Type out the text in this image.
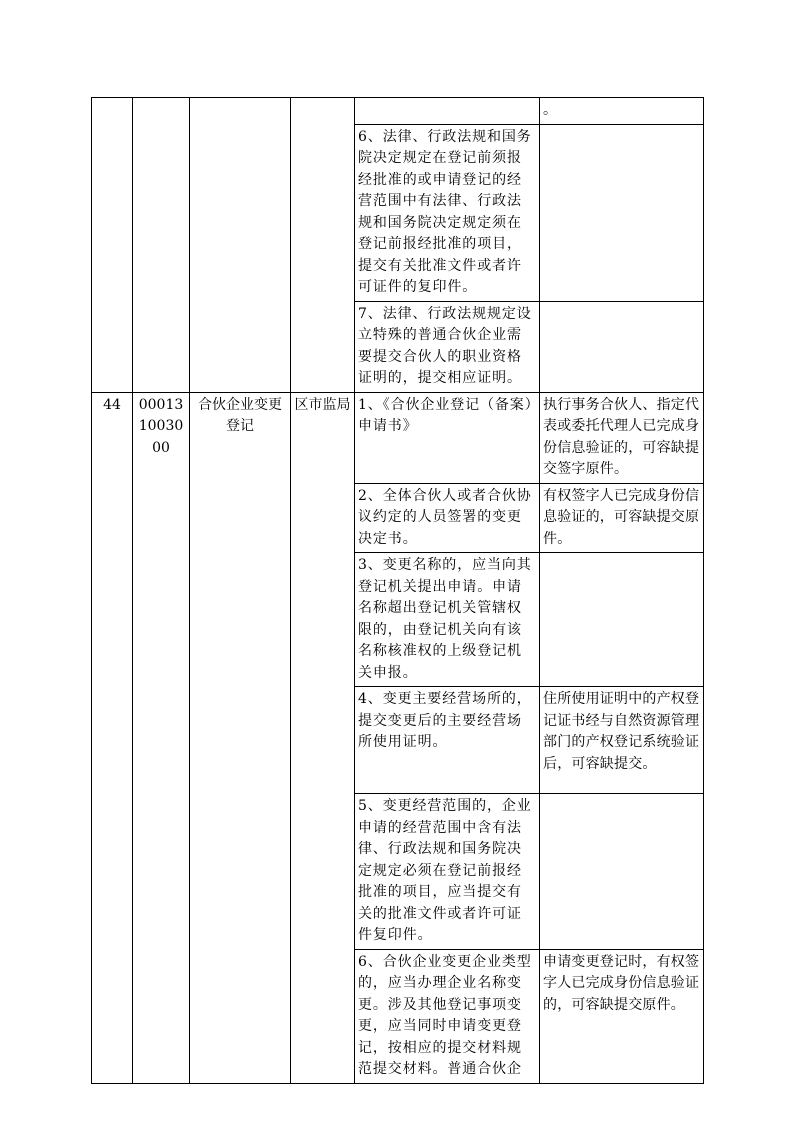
					。
				6、法律、行政法规和国务院决定规定在登记前须报经批准的或申请登记的经营范围中有法律、行政法规和国务院决定规定须在登记前报经批准的项目，提交有关批准文件或者许可证件的复印件。	
				7、法律、行政法规规定设立特殊的普通合伙企业需要提交合伙人的职业资格证明的，提交相应证明。	
44	000131003000	合伙企业变更登记	区市监局	1、《合伙企业登记（备案）申请书》	执行事务合伙人、指定代表或委托代理人已完成身份信息验证的，可容缺提交签字原件。
				2、全体合伙人或者合伙协议约定的人员签署的变更决定书。	有权签字人已完成身份信息验证的，可容缺提交原件。
				3、变更名称的，应当向其登记机关提出申请。申请名称超出登记机关管辖权限的，由登记机关向有该名称核准权的上级登记机关申报。	
				4、变更主要经营场所的，提交变更后的主要经营场所使用证明。	住所使用证明中的产权登记证书经与自然资源管理部门的产权登记系统验证后，可容缺提交。
				5、变更经营范围的，企业申请的经营范围中含有法律、行政法规和国务院决定规定必须在登记前报经批准的项目，应当提交有关的批准文件或者许可证件复印件。	
				6、合伙企业变更企业类型的，应当办理企业名称变更。涉及其他登记事项变更，应当同时申请变更登记，按相应的提交材料规范提交材料。普通合伙企	申请变更登记时，有权签字人已完成身份信息验证的，可容缺提交原件。
